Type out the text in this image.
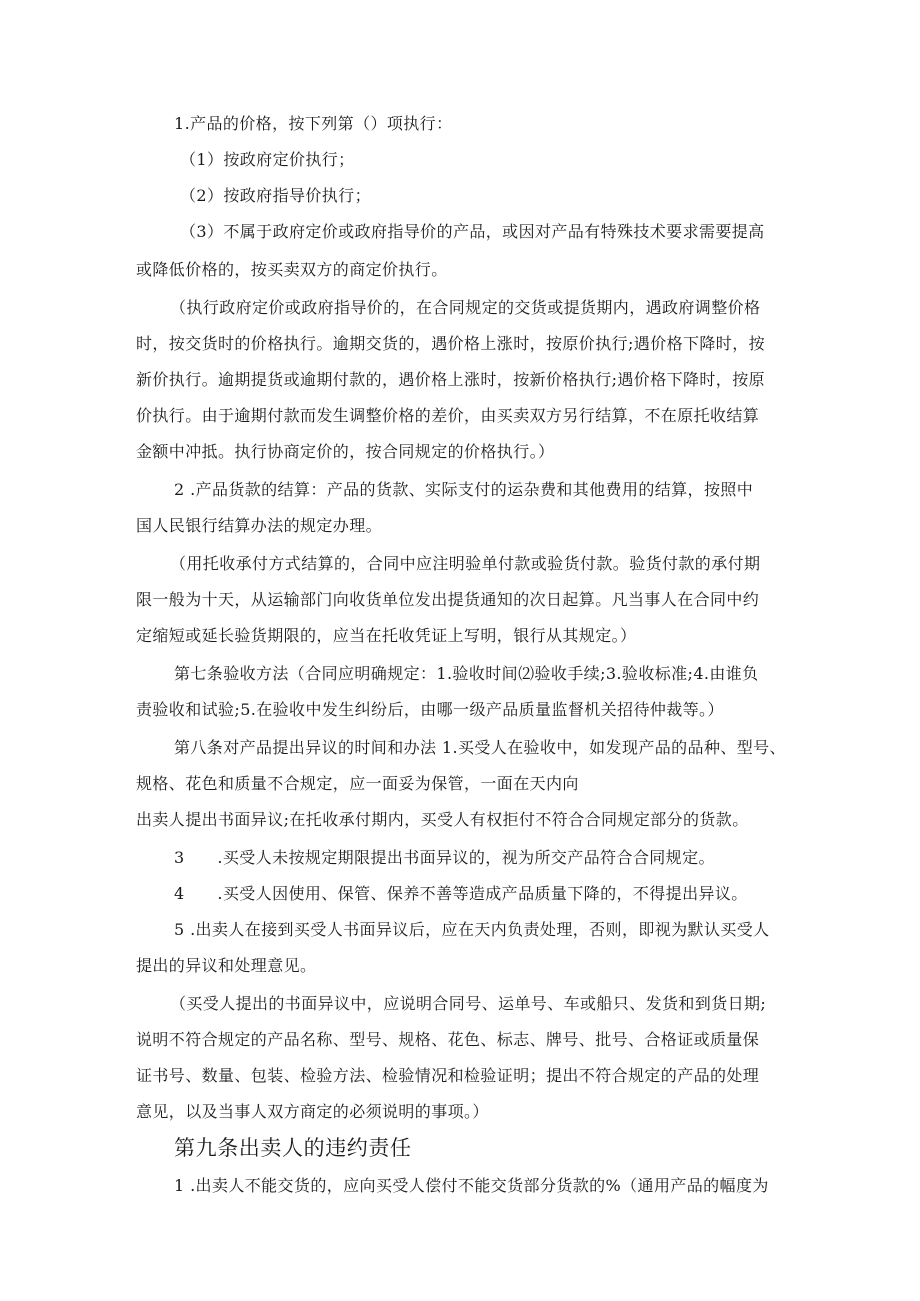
1.产品的价格，按下列第（）项执行：

（1）按政府定价执行；

（2）按政府指导价执行；

（3）不属于政府定价或政府指导价的产品，或因对产品有特殊技术要求需要提高

或降低价格的，按买卖双方的商定价执行。

（执行政府定价或政府指导价的，在合同规定的交货或提货期内，遇政府调整价格

时，按交货时的价格执行。逾期交货的，遇价格上涨时，按原价执行;遇价格下降时，按

新价执行。逾期提货或逾期付款的，遇价格上涨时，按新价格执行;遇价格下降时，按原

价执行。由于逾期付款而发生调整价格的差价，由买卖双方另行结算，不在原托收结算

金额中冲抵。执行协商定价的，按合同规定的价格执行。）

2 .产品货款的结算：产品的货款、实际支付的运杂费和其他费用的结算，按照中

国人民银行结算办法的规定办理。

（用托收承付方式结算的，合同中应注明验单付款或验货付款。验货付款的承付期

限一般为十天，从运输部门向收货单位发出提货通知的次日起算。凡当事人在合同中约

定缩短或延长验货期限的，应当在托收凭证上写明，银行从其规定。）

第七条验收方法（合同应明确规定：1.验收时间⑵验收手续;3.验收标准;4.由谁负

责验收和试验;5.在验收中发生纠纷后，由哪一级产品质量监督机关招待仲裁等。）

第八条对产品提出异议的时间和办法 1.买受人在验收中，如发现产品的品种、型号、

规格、花色和质量不合规定，应一面妥为保管，一面在天内向

出卖人提出书面异议;在托收承付期内，买受人有权拒付不符合合同规定部分的货款。

3　　.买受人未按规定期限提出书面异议的，视为所交产品符合合同规定。

4　　.买受人因使用、保管、保养不善等造成产品质量下降的，不得提出异议。

5 .出卖人在接到买受人书面异议后，应在天内负责处理，否则，即视为默认买受人

提出的异议和处理意见。

（买受人提出的书面异议中，应说明合同号、运单号、车或船只、发货和到货日期;

说明不符合规定的产品名称、型号、规格、花色、标志、牌号、批号、合格证或质量保

证书号、数量、包装、检验方法、检验情况和检验证明；提出不符合规定的产品的处理

意见，以及当事人双方商定的必须说明的事项。）

第九条出卖人的违约责任

1 .出卖人不能交货的，应向买受人偿付不能交货部分货款的%（通用产品的幅度为
